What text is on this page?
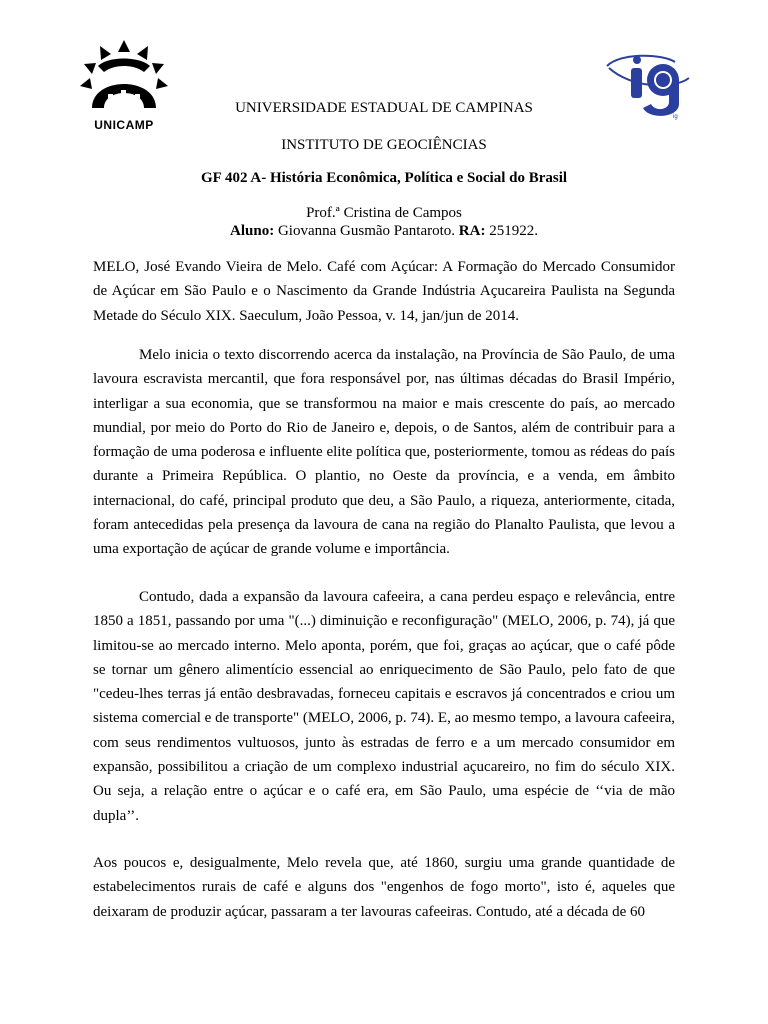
UNICAMP
ig
UNIVERSIDADE ESTADUAL DE CAMPINAS
INSTITUTO DE GEOCIÊNCIAS
GF 402 A- História Econômica, Política e Social do Brasil
Prof.ª Cristina de Campos
Aluno: Giovanna Gusmão Pantaroto. RA: 251922.

MELO, José Evando Vieira de Melo. Café com Açúcar: A Formação do Mercado Consumidor de Açúcar em São Paulo e o Nascimento da Grande Indústria Açucareira Paulista na Segunda Metade do Século XIX. Saeculum, João Pessoa, v. 14, jan/jun de 2014.

Melo inicia o texto discorrendo acerca da instalação, na Província de São Paulo, de uma lavoura escravista mercantil, que fora responsável por, nas últimas décadas do Brasil Império, interligar a sua economia, que se transformou na maior e mais crescente do país, ao mercado mundial, por meio do Porto do Rio de Janeiro e, depois, o de Santos, além de contribuir para a formação de uma poderosa e influente elite política que, posteriormente, tomou as rédeas do país durante a Primeira República. O plantio, no Oeste da província, e a venda, em âmbito internacional, do café, principal produto que deu, a São Paulo, a riqueza, anteriormente, citada, foram antecedidas pela presença da lavoura de cana na região do Planalto Paulista, que levou a uma exportação de açúcar de grande volume e importância.

Contudo, dada a expansão da lavoura cafeeira, a cana perdeu espaço e relevância, entre 1850 a 1851, passando por uma "(...) diminuição e reconfiguração" (MELO, 2006, p. 74), já que limitou-se ao mercado interno. Melo aponta, porém, que foi, graças ao açúcar, que o café pôde se tornar um gênero alimentício essencial ao enriquecimento de São Paulo, pelo fato de que "cedeu-lhes terras já então desbravadas, forneceu capitais e escravos já concentrados e criou um sistema comercial e de transporte" (MELO, 2006, p. 74). E, ao mesmo tempo, a lavoura cafeeira, com seus rendimentos vultuosos, junto às estradas de ferro e a um mercado consumidor em expansão, possibilitou a criação de um complexo industrial açucareiro, no fim do século XIX. Ou seja, a relação entre o açúcar e o café era, em São Paulo, uma espécie de ‘‘via de mão dupla’’.

Aos poucos e, desigualmente, Melo revela que, até 1860, surgiu uma grande quantidade de estabelecimentos rurais de café e alguns dos "engenhos de fogo morto", isto é, aqueles que deixaram de produzir açúcar, passaram a ter lavouras cafeeiras. Contudo, até a década de 60
